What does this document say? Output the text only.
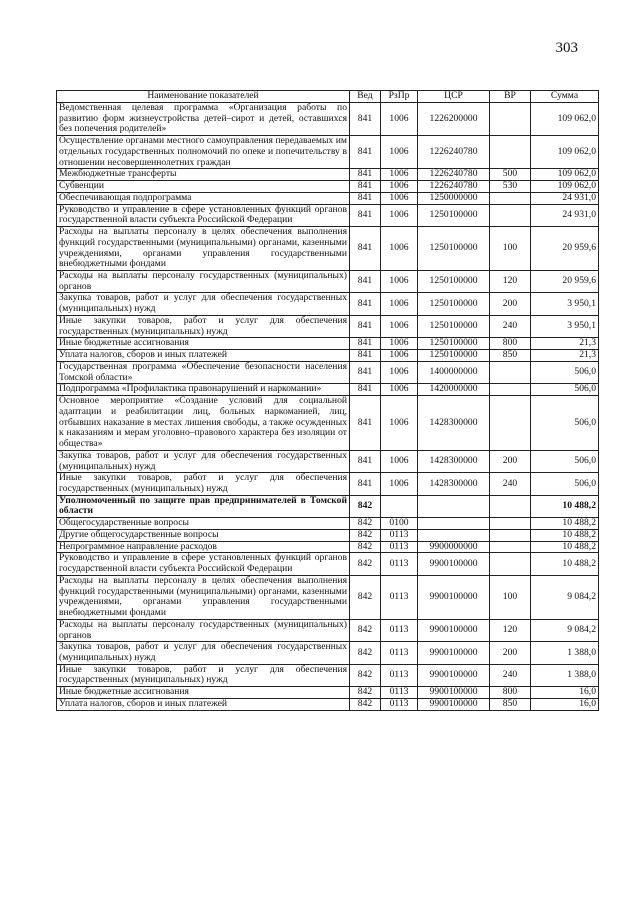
303
Наименование показателей	Вед	РзПр	ЦСР	ВР	Сумма
Ведомственная целевая программа «Организация работы по развитию форм жизнеустройства детей–сирот и детей, оставшихся без попечения родителей»	841	1006	1226200000		109 062,0
Осуществление органами местного самоуправления передаваемых им отдельных государственных полномочий по опеке и попечительству в отношении несовершеннолетних граждан	841	1006	1226240780		109 062,0
Межбюджетные трансферты	841	1006	1226240780	500	109 062,0
Субвенции	841	1006	1226240780	530	109 062,0
Обеспечивающая подпрограмма	841	1006	1250000000		24 931,0
Руководство и управление в сфере установленных функций органов государственной власти субъекта Российской Федерации	841	1006	1250100000		24 931,0
Расходы на выплаты персоналу в целях обеспечения выполнения функций государственными (муниципальными) органами, казенными учреждениями, органами управления государственными внебюджетными фондами	841	1006	1250100000	100	20 959,6
Расходы на выплаты персоналу государственных (муниципальных) органов	841	1006	1250100000	120	20 959,6
Закупка товаров, работ и услуг для обеспечения государственных (муниципальных) нужд	841	1006	1250100000	200	3 950,1
Иные закупки товаров, работ и услуг для обеспечения государственных (муниципальных) нужд	841	1006	1250100000	240	3 950,1
Иные бюджетные ассигнования	841	1006	1250100000	800	21,3
Уплата налогов, сборов и иных платежей	841	1006	1250100000	850	21,3
Государственная программа «Обеспечение безопасности населения Томской области»	841	1006	1400000000		506,0
Подпрограмма «Профилактика правонарушений и наркомании»	841	1006	1420000000		506,0
Основное мероприятие «Создание условий для социальной адаптации и реабилитации лиц, больных наркоманией, лиц, отбывших наказание в местах лишения свободы, а также осужденных к наказаниям и мерам уголовно–правового характера без изоляции от общества»	841	1006	1428300000		506,0
Закупка товаров, работ и услуг для обеспечения государственных (муниципальных) нужд	841	1006	1428300000	200	506,0
Иные закупки товаров, работ и услуг для обеспечения государственных (муниципальных) нужд	841	1006	1428300000	240	506,0
Уполномоченный по защите прав предпринимателей в Томской области	842				10 488,2
Общегосударственные вопросы	842	0100			10 488,2
Другие общегосударственные вопросы	842	0113			10 488,2
Непрограммное направление расходов	842	0113	9900000000		10 488,2
Руководство и управление в сфере установленных функций органов государственной власти субъекта Российской Федерации	842	0113	9900100000		10 488,2
Расходы на выплаты персоналу в целях обеспечения выполнения функций государственными (муниципальными) органами, казенными учреждениями, органами управления государственными внебюджетными фондами	842	0113	9900100000	100	9 084,2
Расходы на выплаты персоналу государственных (муниципальных) органов	842	0113	9900100000	120	9 084,2
Закупка товаров, работ и услуг для обеспечения государственных (муниципальных) нужд	842	0113	9900100000	200	1 388,0
Иные закупки товаров, работ и услуг для обеспечения государственных (муниципальных) нужд	842	0113	9900100000	240	1 388,0
Иные бюджетные ассигнования	842	0113	9900100000	800	16,0
Уплата налогов, сборов и иных платежей	842	0113	9900100000	850	16,0
